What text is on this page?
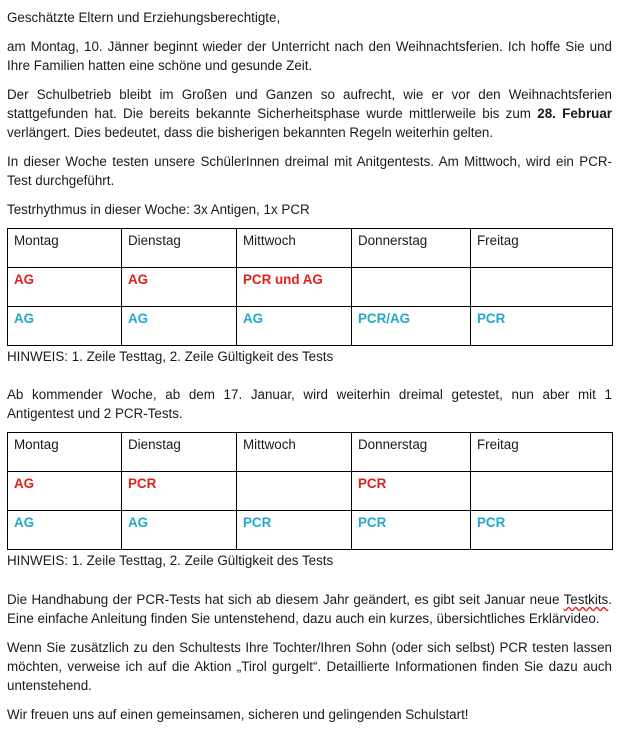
Geschätzte Eltern und Erziehungsberechtigte,

am Montag, 10. Jänner beginnt wieder der Unterricht nach den Weihnachtsferien. Ich hoffe Sie und Ihre Familien hatten eine schöne und gesunde Zeit.

Der Schulbetrieb bleibt im Großen und Ganzen so aufrecht, wie er vor den Weihnachtsferien stattgefunden hat. Die bereits bekannte Sicherheitsphase wurde mittlerweile bis zum 28. Februar verlängert. Dies bedeutet, dass die bisherigen bekannten Regeln weiterhin gelten.

In dieser Woche testen unsere SchülerInnen dreimal mit Anitgentests. Am Mittwoch, wird ein PCR-Test durchgeführt.

Testrhythmus in dieser Woche: 3x Antigen, 1x PCR

Montag	Dienstag	Mittwoch	Donnerstag	Freitag
AG	AG	PCR und AG		
AG	AG	AG	PCR/AG	PCR

HINWEIS: 1. Zeile Testtag, 2. Zeile Gültigkeit des Tests

Ab kommender Woche, ab dem 17. Januar, wird weiterhin dreimal getestet, nun aber mit 1 Antigentest und 2 PCR-Tests.

Montag	Dienstag	Mittwoch	Donnerstag	Freitag
AG	PCR		PCR	
AG	AG	PCR	PCR	PCR

HINWEIS: 1. Zeile Testtag, 2. Zeile Gültigkeit des Tests

Die Handhabung der PCR-Tests hat sich ab diesem Jahr geändert, es gibt seit Januar neue Testkits. Eine einfache Anleitung finden Sie untenstehend, dazu auch ein kurzes, übersichtliches Erklärvideo.

Wenn Sie zusätzlich zu den Schultests Ihre Tochter/Ihren Sohn (oder sich selbst) PCR testen lassen möchten, verweise ich auf die Aktion „Tirol gurgelt“. Detaillierte Informationen finden Sie dazu auch untenstehend.

Wir freuen uns auf einen gemeinsamen, sicheren und gelingenden Schulstart!
